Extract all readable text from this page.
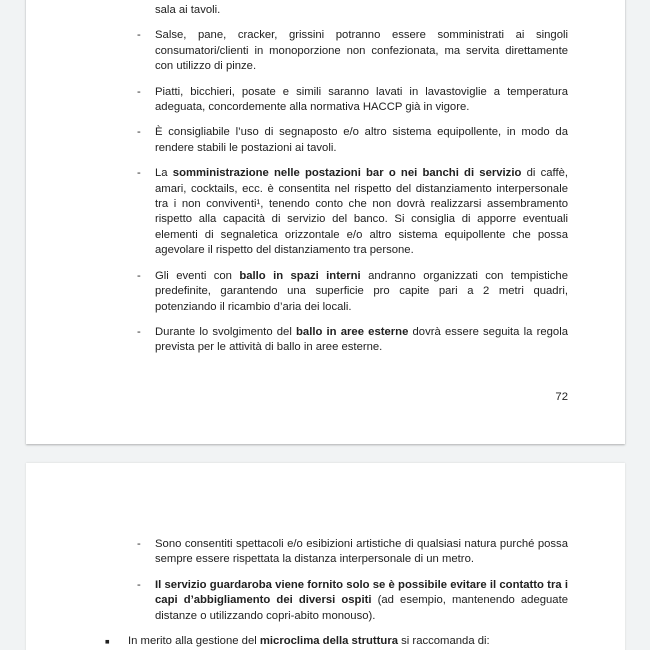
sala ai tavoli.

- Salse, pane, cracker, grissini potranno essere somministrati ai singoli consumatori/clienti in monoporzione non confezionata, ma servita direttamente con utilizzo di pinze.
- Piatti, bicchieri, posate e simili saranno lavati in lavastoviglie a temperatura adeguata, concordemente alla normativa HACCP già in vigore.
- È consigliabile l’uso di segnaposto e/o altro sistema equipollente, in modo da rendere stabili le postazioni ai tavoli.
- La somministrazione nelle postazioni bar o nei banchi di servizio di caffè, amari, cocktails, ecc. è consentita nel rispetto del distanziamento interpersonale tra i non conviventi¹, tenendo conto che non dovrà realizzarsi assembramento rispetto alla capacità di servizio del banco. Si consiglia di apporre eventuali elementi di segnaletica orizzontale e/o altro sistema equipollente che possa agevolare il rispetto del distanziamento tra persone.
- Gli eventi con ballo in spazi interni andranno organizzati con tempistiche predefinite, garantendo una superficie pro capite pari a 2 metri quadri, potenziando il ricambio d’aria dei locali.
- Durante lo svolgimento del ballo in aree esterne dovrà essere seguita la regola prevista per le attività di ballo in aree esterne.
72
- Sono consentiti spettacoli e/o esibizioni artistiche di qualsiasi natura purché possa sempre essere rispettata la distanza interpersonale di un metro.
- Il servizio guardaroba viene fornito solo se è possibile evitare il contatto tra i capi d’abbigliamento dei diversi ospiti (ad esempio, mantenendo adeguate distanze o utilizzando copri-abito monouso).
■ In merito alla gestione del microclima della struttura si raccomanda di:
